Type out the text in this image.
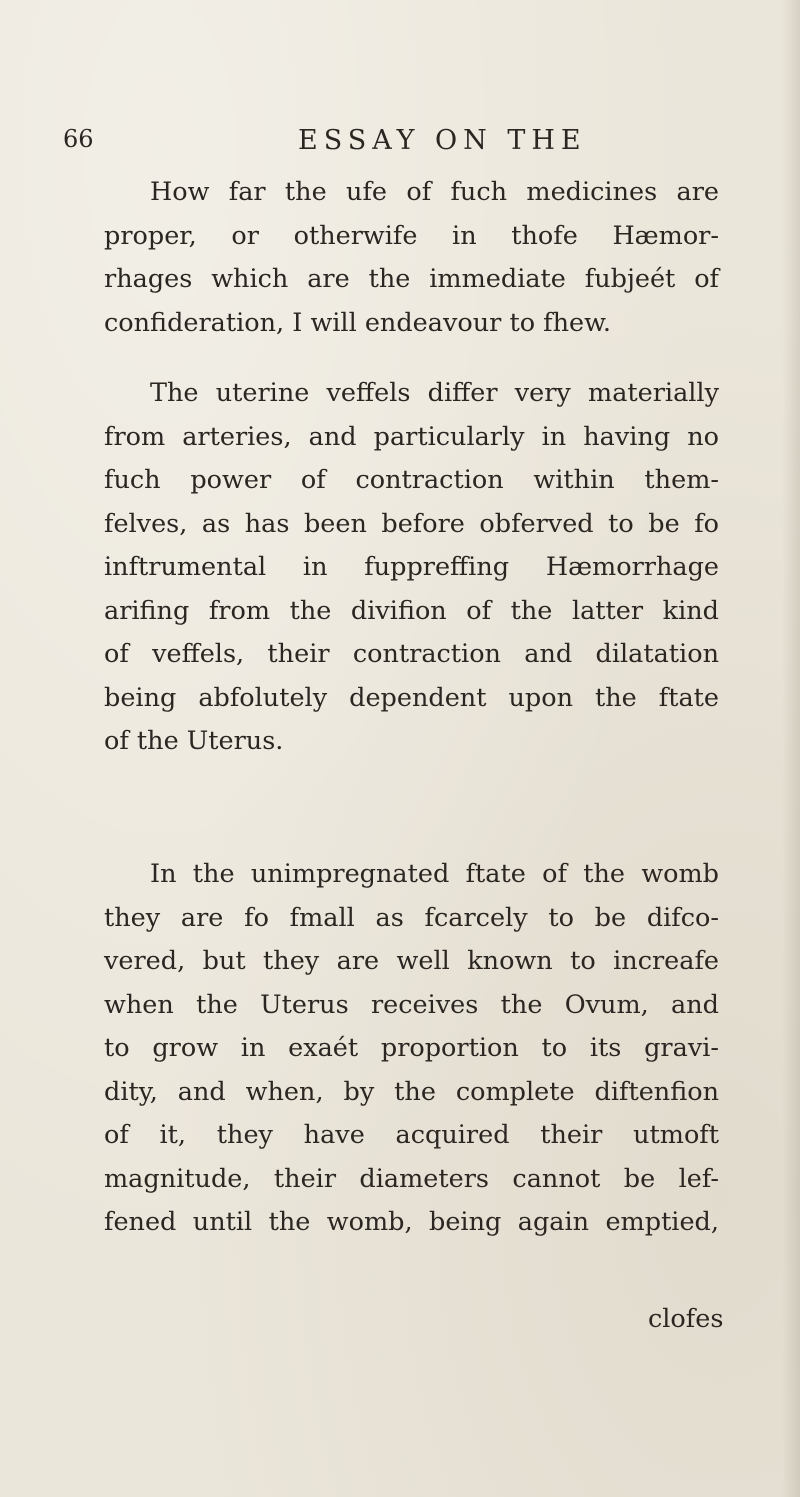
66	ESSAY ON THE

How far the ufe of fuch medicines are
proper, or otherwife in thofe Hæmor-
rhages which are the immediate fubjeét of
confideration, I will endeavour to fhew.

The uterine veffels differ very materially
from arteries, and particularly in having no
fuch power of contraction within them-
felves, as has been before obferved to be fo
inftrumental in fuppreffing Hæmorrhage
arifing from the divifion of the latter kind
of veffels, their contraction and dilatation
being abfolutely dependent upon the ftate
of the Uterus.

In the unimpregnated ftate of the womb
they are fo fmall as fcarcely to be difco-
vered, but they are well known to increafe
when the Uterus receives the Ovum, and
to grow in exaét proportion to its gravi-
dity, and when, by the complete diftenfion
of it, they have acquired their utmoft
magnitude, their diameters cannot be lef-
fened until the womb, being again emptied,

clofes
